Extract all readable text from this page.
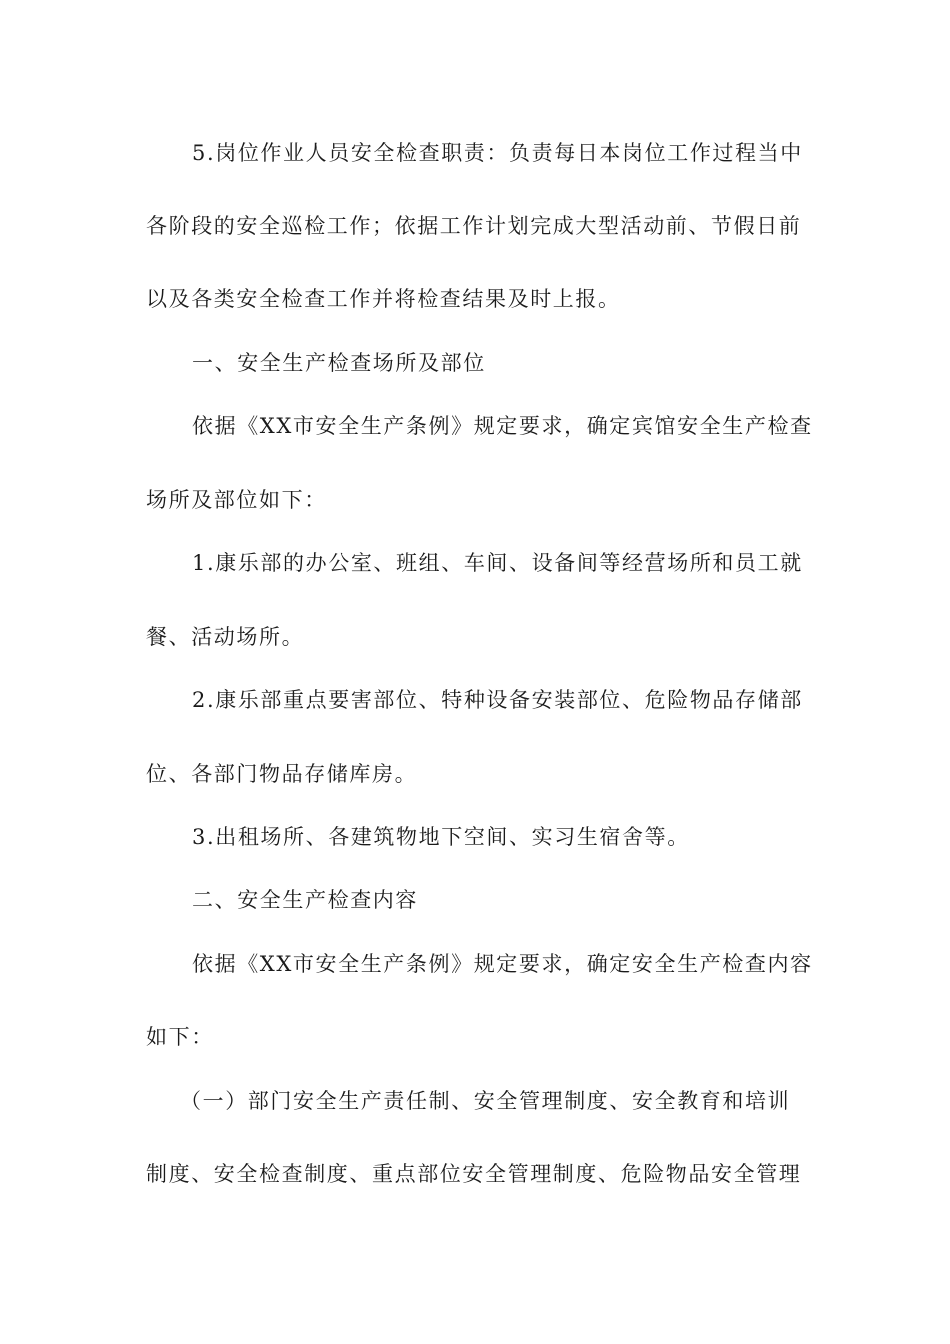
5.岗位作业人员安全检查职责：负责每日本岗位工作过程当中
各阶段的安全巡检工作；依据工作计划完成大型活动前、节假日前
以及各类安全检查工作并将检查结果及时上报。
一、安全生产检查场所及部位
依据《XX市安全生产条例》规定要求，确定宾馆安全生产检查
场所及部位如下：
1.康乐部的办公室、班组、车间、设备间等经营场所和员工就
餐、活动场所。
2.康乐部重点要害部位、特种设备安装部位、危险物品存储部
位、各部门物品存储库房。
3.出租场所、各建筑物地下空间、实习生宿舍等。
二、安全生产检查内容
依据《XX市安全生产条例》规定要求，确定安全生产检查内容
如下：
（一）部门安全生产责任制、安全管理制度、安全教育和培训
制度、安全检查制度、重点部位安全管理制度、危险物品安全管理
